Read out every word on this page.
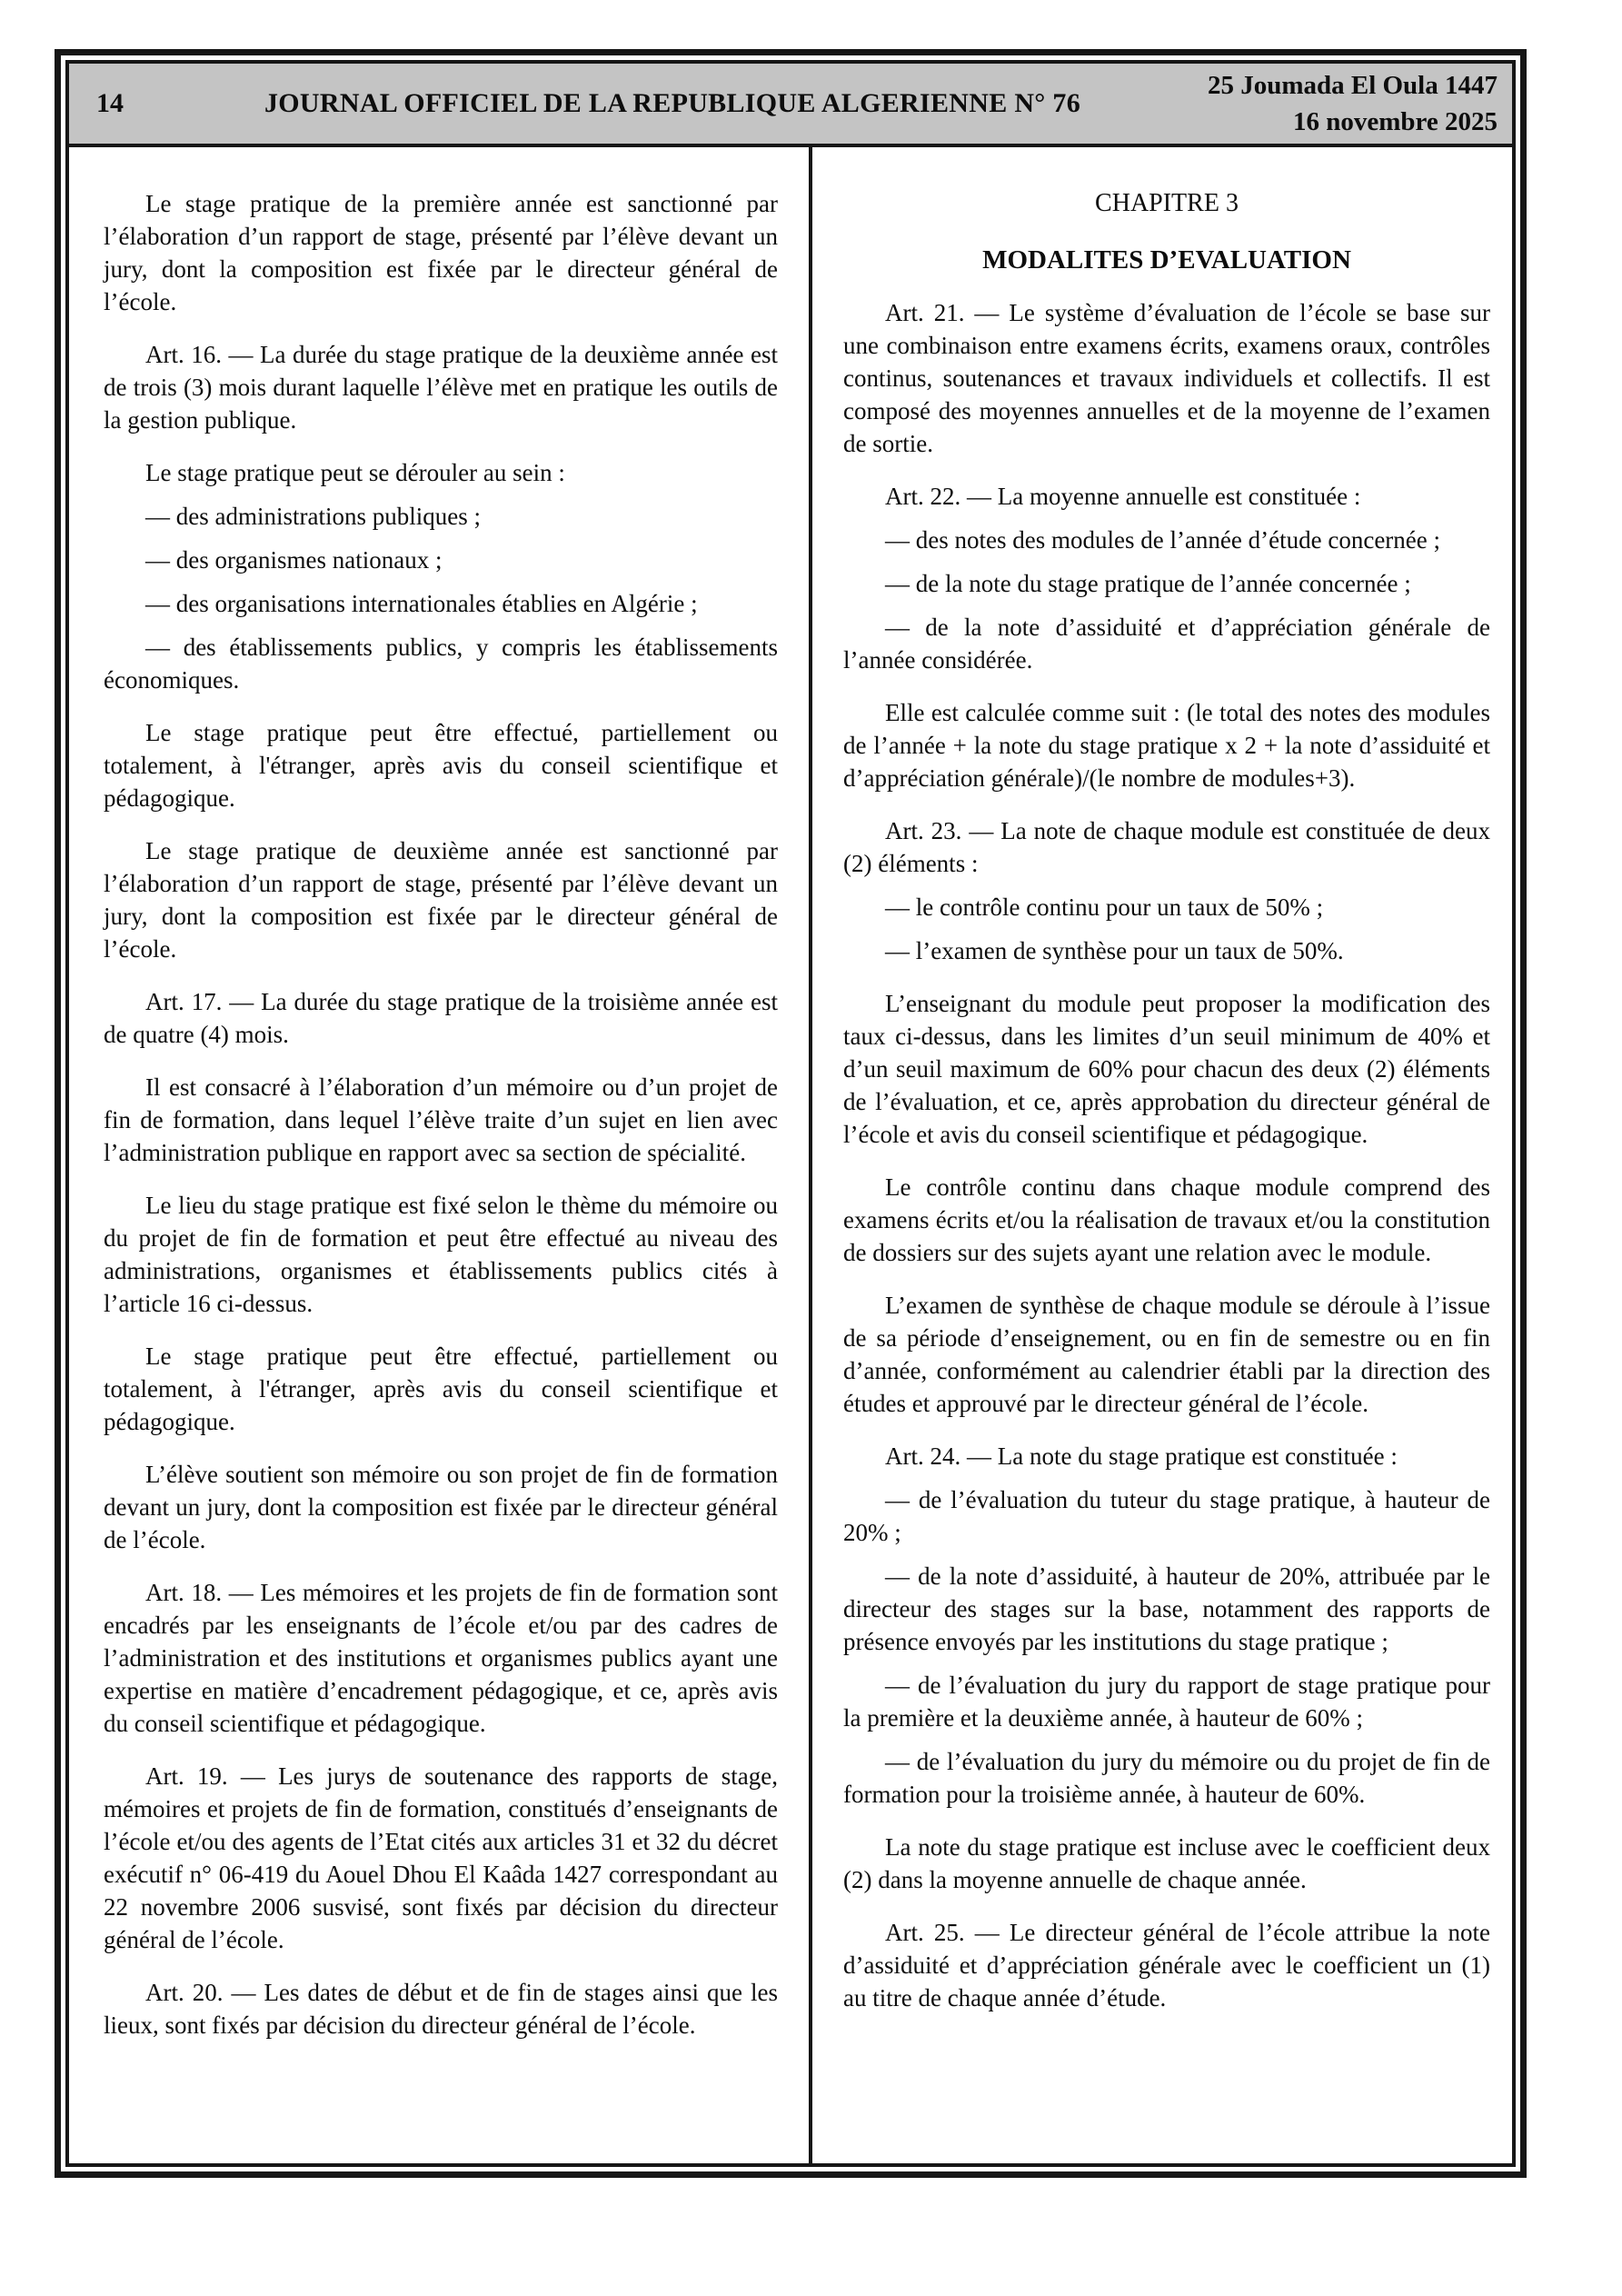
14	JOURNAL OFFICIEL DE LA REPUBLIQUE ALGERIENNE N° 76
25 Joumada El Oula 1447
16 novembre 2025

Le stage pratique de la première année est sanctionné par l’élaboration d’un rapport de stage, présenté par l’élève devant un jury, dont la composition est fixée par le directeur général de l’école.

Art. 16. — La durée du stage pratique de la deuxième année est de trois (3) mois durant laquelle l’élève met en pratique les outils de la gestion publique.

Le stage pratique peut se dérouler au sein :

— des administrations publiques ;

— des organismes nationaux ;

— des organisations internationales établies en Algérie ;

— des établissements publics, y compris les établissements économiques.

Le stage pratique peut être effectué, partiellement ou totalement, à l'étranger, après avis du conseil scientifique et pédagogique.

Le stage pratique de deuxième année est sanctionné par l’élaboration d’un rapport de stage, présenté par l’élève devant un jury, dont la composition est fixée par le directeur général de l’école.

Art. 17. — La durée du stage pratique de la troisième année est de quatre (4) mois.

Il est consacré à l’élaboration d’un mémoire ou d’un projet de fin de formation, dans lequel l’élève traite d’un sujet en lien avec l’administration publique en rapport avec sa section de spécialité.

Le lieu du stage pratique est fixé selon le thème du mémoire ou du projet de fin de formation et peut être effectué au niveau des administrations, organismes et établissements publics cités à l’article 16 ci-dessus.

Le stage pratique peut être effectué, partiellement ou totalement, à l'étranger, après avis du conseil scientifique et pédagogique.

L’élève soutient son mémoire ou son projet de fin de formation devant un jury, dont la composition est fixée par le directeur général de l’école.

Art. 18. — Les mémoires et les projets de fin de formation sont encadrés par les enseignants de l’école et/ou par des cadres de l’administration et des institutions et organismes publics ayant une expertise en matière d’encadrement pédagogique, et ce, après avis du conseil scientifique et pédagogique.

Art. 19. — Les jurys de soutenance des rapports de stage, mémoires et projets de fin de formation, constitués d’enseignants de l’école et/ou des agents de l’Etat cités aux articles 31 et 32 du décret exécutif n° 06-419 du Aouel Dhou El Kaâda 1427 correspondant au 22 novembre 2006 susvisé, sont fixés par décision du directeur général de l’école.

Art. 20. — Les dates de début et de fin de stages ainsi que les lieux, sont fixés par décision du directeur général de l’école.

CHAPITRE 3

MODALITES D’EVALUATION

Art. 21. — Le système d’évaluation de l’école se base sur une combinaison entre examens écrits, examens oraux, contrôles continus, soutenances et travaux individuels et collectifs. Il est composé des moyennes annuelles et de la moyenne de l’examen de sortie.

Art. 22. — La moyenne annuelle est constituée :

— des notes des modules de l’année d’étude concernée ;

— de la note du stage pratique de l’année concernée ;

— de la note d’assiduité et d’appréciation générale de l’année considérée.

Elle est calculée comme suit : (le total des notes des modules de l’année + la note du stage pratique x 2 + la note d’assiduité et d’appréciation générale)/(le nombre de modules+3).

Art. 23. — La note de chaque module est constituée de deux (2) éléments :

— le contrôle continu pour un taux de 50% ;

— l’examen de synthèse pour un taux de 50%.

L’enseignant du module peut proposer la modification des taux ci-dessus, dans les limites d’un seuil minimum de 40% et d’un seuil maximum de 60% pour chacun des deux (2) éléments de l’évaluation, et ce, après approbation du directeur général de l’école et avis du conseil scientifique et pédagogique.

Le contrôle continu dans chaque module comprend des examens écrits et/ou la réalisation de travaux et/ou la constitution de dossiers sur des sujets ayant une relation avec le module.

L’examen de synthèse de chaque module se déroule à l’issue de sa période d’enseignement, ou en fin de semestre ou en fin d’année, conformément au calendrier établi par la direction des études et approuvé par le directeur général de l’école.

Art. 24. — La note du stage pratique est constituée :

— de l’évaluation du tuteur du stage pratique, à hauteur de 20% ;

— de la note d’assiduité, à hauteur de 20%, attribuée par le directeur des stages sur la base, notamment des rapports de présence envoyés par les institutions du stage pratique ;

— de l’évaluation du jury du rapport de stage pratique pour la première et la deuxième année, à hauteur de 60% ;

— de l’évaluation du jury du mémoire ou du projet de fin de formation pour la troisième année, à hauteur de 60%.

La note du stage pratique est incluse avec le coefficient deux (2) dans la moyenne annuelle de chaque année.

Art. 25. — Le directeur général de l’école attribue la note d’assiduité et d’appréciation générale avec le coefficient un (1) au titre de chaque année d’étude.
